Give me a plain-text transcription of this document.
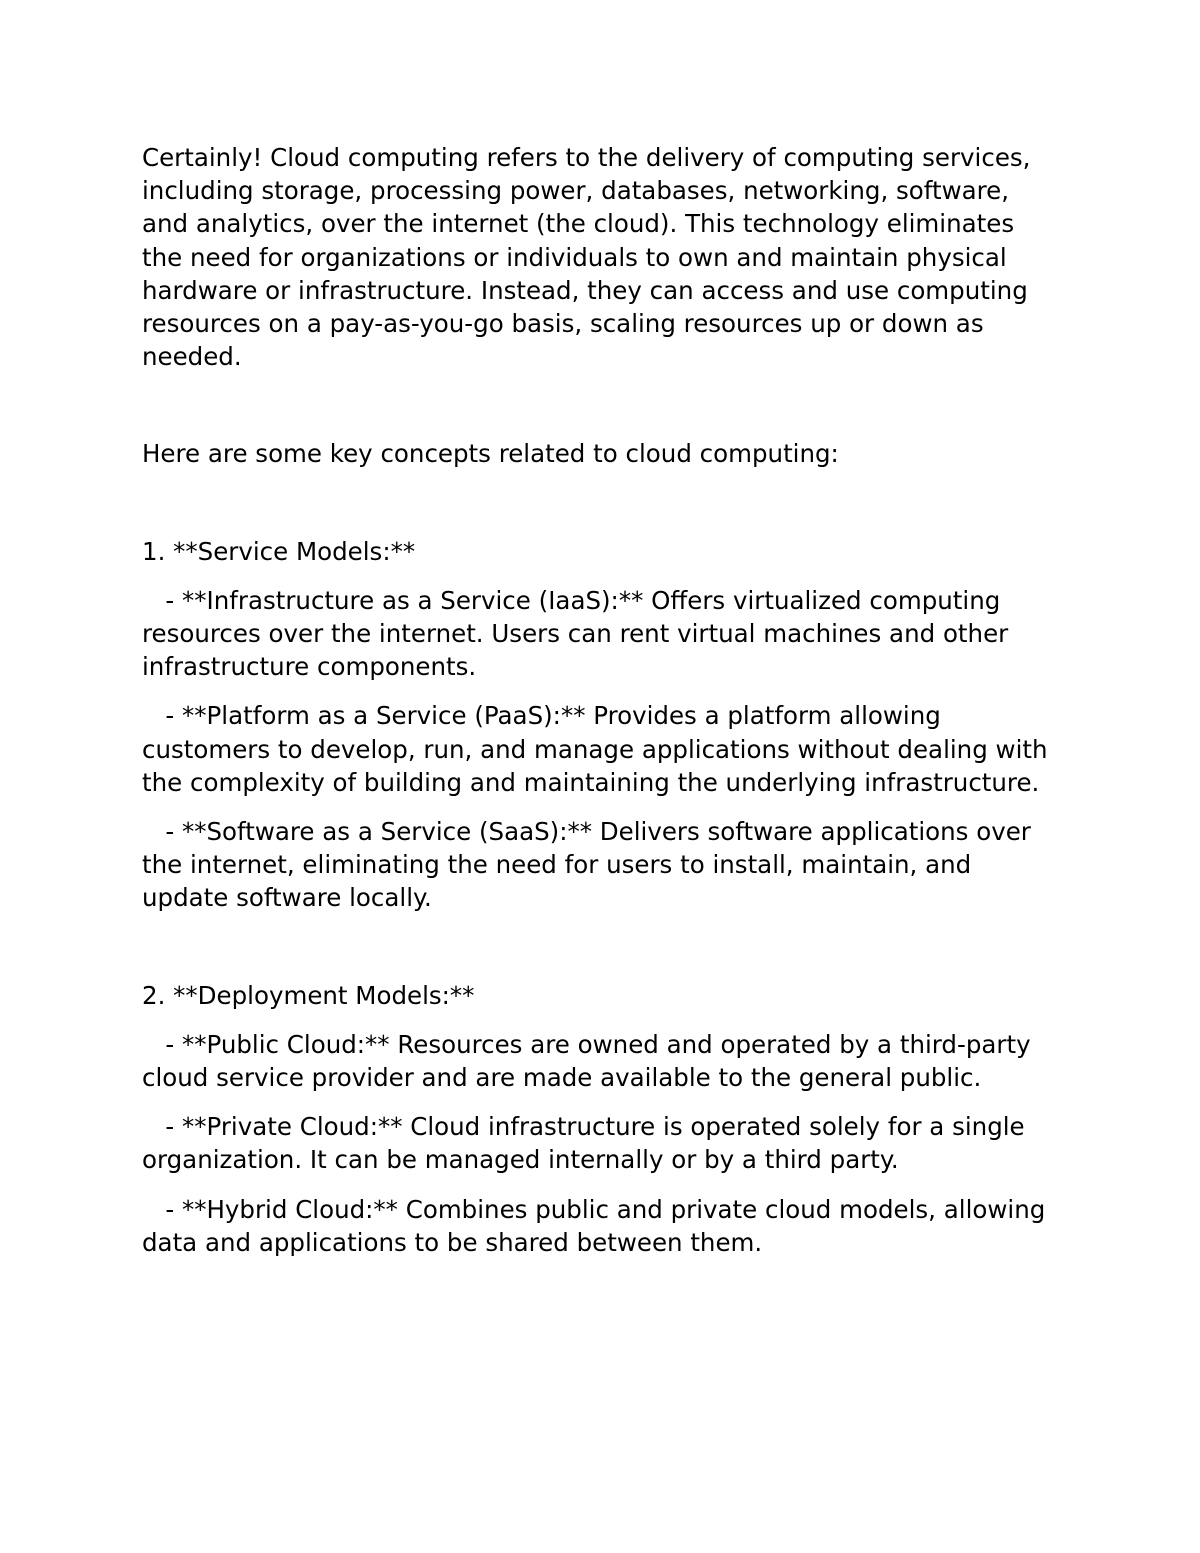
Certainly! Cloud computing refers to the delivery of computing services, including storage, processing power, databases, networking, software, and analytics, over the internet (the cloud). This technology eliminates the need for organizations or individuals to own and maintain physical hardware or infrastructure. Instead, they can access and use computing resources on a pay-as-you-go basis, scaling resources up or down as needed.

Here are some key concepts related to cloud computing:

1. **Service Models:**

- **Infrastructure as a Service (IaaS):** Offers virtualized computing resources over the internet. Users can rent virtual machines and other infrastructure components.

- **Platform as a Service (PaaS):** Provides a platform allowing customers to develop, run, and manage applications without dealing with the complexity of building and maintaining the underlying infrastructure.

- **Software as a Service (SaaS):** Delivers software applications over the internet, eliminating the need for users to install, maintain, and update software locally.

2. **Deployment Models:**

- **Public Cloud:** Resources are owned and operated by a third-party cloud service provider and are made available to the general public.

- **Private Cloud:** Cloud infrastructure is operated solely for a single organization. It can be managed internally or by a third party.

- **Hybrid Cloud:** Combines public and private cloud models, allowing data and applications to be shared between them.
